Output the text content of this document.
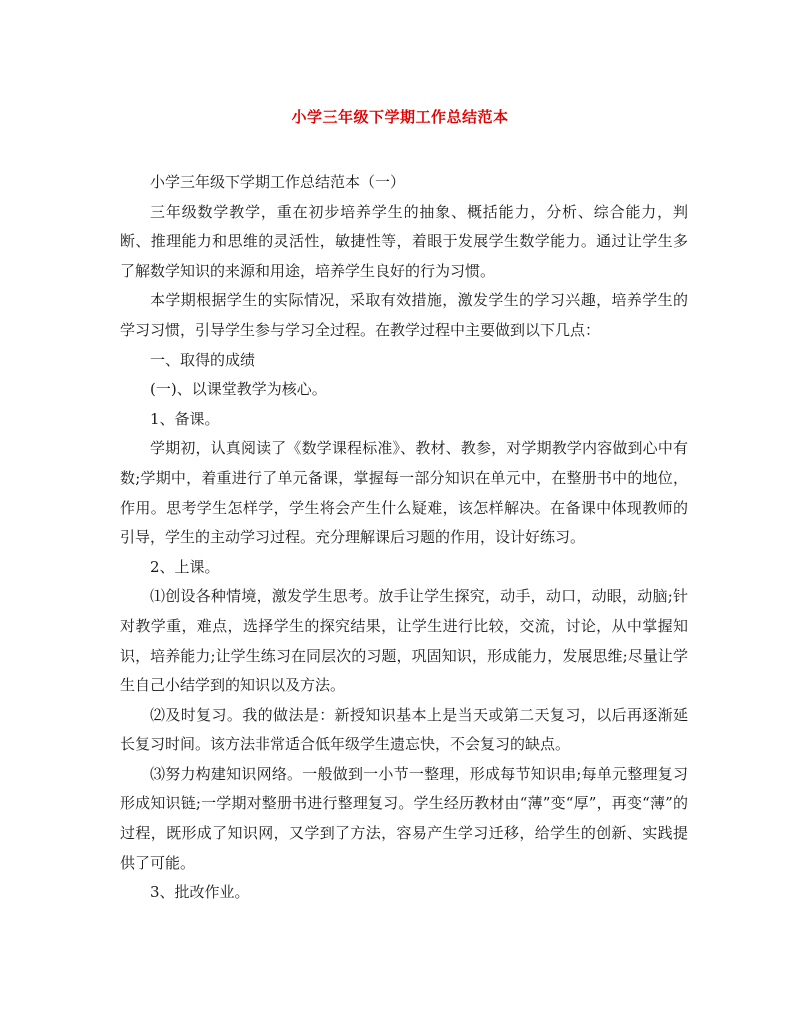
小学三年级下学期工作总结范本

小学三年级下学期工作总结范本（一）

三年级数学教学，重在初步培养学生的抽象、概括能力，分析、综合能力，判断、推理能力和思维的灵活性，敏捷性等，着眼于发展学生数学能力。通过让学生多了解数学知识的来源和用途，培养学生良好的行为习惯。

本学期根据学生的实际情况，采取有效措施，激发学生的学习兴趣，培养学生的学习习惯，引导学生参与学习全过程。在教学过程中主要做到以下几点：

一、取得的成绩

(一)、以课堂教学为核心。

1、备课。

学期初，认真阅读了《数学课程标准》、教材、教参，对学期教学内容做到心中有数;学期中，着重进行了单元备课，掌握每一部分知识在单元中，在整册书中的地位，作用。思考学生怎样学，学生将会产生什么疑难，该怎样解决。在备课中体现教师的引导，学生的主动学习过程。充分理解课后习题的作用，设计好练习。

2、上课。

⑴创设各种情境，激发学生思考。放手让学生探究，动手，动口，动眼，动脑;针对教学重，难点，选择学生的探究结果，让学生进行比较，交流，讨论，从中掌握知识，培养能力;让学生练习在同层次的习题，巩固知识，形成能力，发展思维;尽量让学生自己小结学到的知识以及方法。

⑵及时复习。我的做法是：新授知识基本上是当天或第二天复习，以后再逐渐延长复习时间。该方法非常适合低年级学生遗忘快，不会复习的缺点。

⑶努力构建知识网络。一般做到一小节一整理，形成每节知识串;每单元整理复习形成知识链;一学期对整册书进行整理复习。学生经历教材由“薄”变“厚”，再变“薄”的过程，既形成了知识网，又学到了方法，容易产生学习迁移，给学生的创新、实践提供了可能。

3、批改作业。
